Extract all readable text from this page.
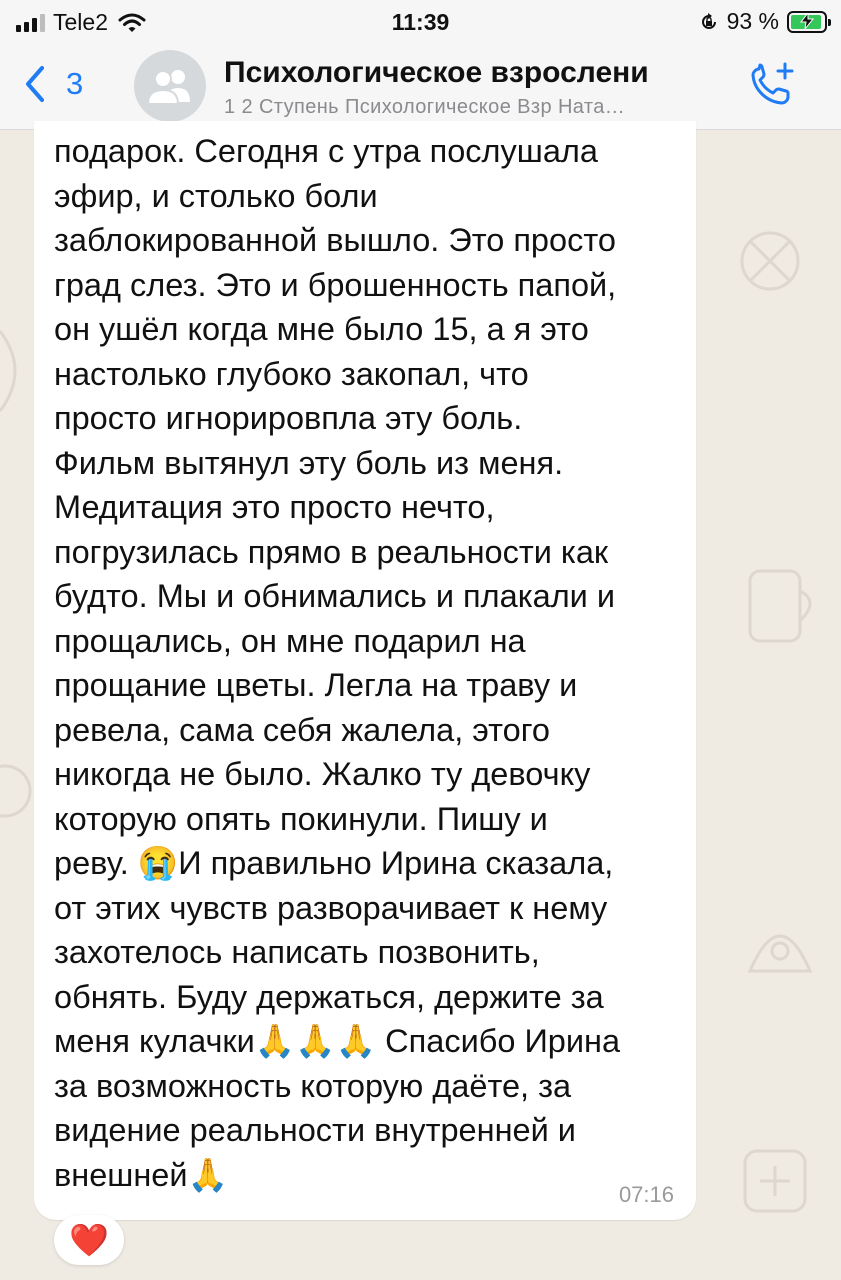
Tele2	11:39	93 %
3	Психологическое взрослени
1 2 Ступень Психологическое Взр Ната…
подарок. Сегодня с утра послушала
эфир, и столько боли
заблокированной вышло. Это просто
град слез. Это и брошенность папой,
он ушёл когда мне было 15, а я это
настолько глубоко закопал, что
просто игнорировпла эту боль.
Фильм вытянул эту боль из меня.
Медитация это просто нечто,
погрузилась прямо в реальности как
будто. Мы и обнимались и плакали и
прощались, он мне подарил на
прощание цветы. Легла на траву и
ревела, сама себя жалела, этого
никогда не было. Жалко ту девочку
которую опять покинули. Пишу и
реву. 😭И правильно Ирина сказала,
от этих чувств разворачивает к нему
захотелось написать позвонить,
обнять. Буду держаться, держите за
меня кулачки🙏🙏🙏 Спасибо Ирина
за возможность которую даёте, за
видение реальности внутренней и
внешней🙏
07:16
❤️
